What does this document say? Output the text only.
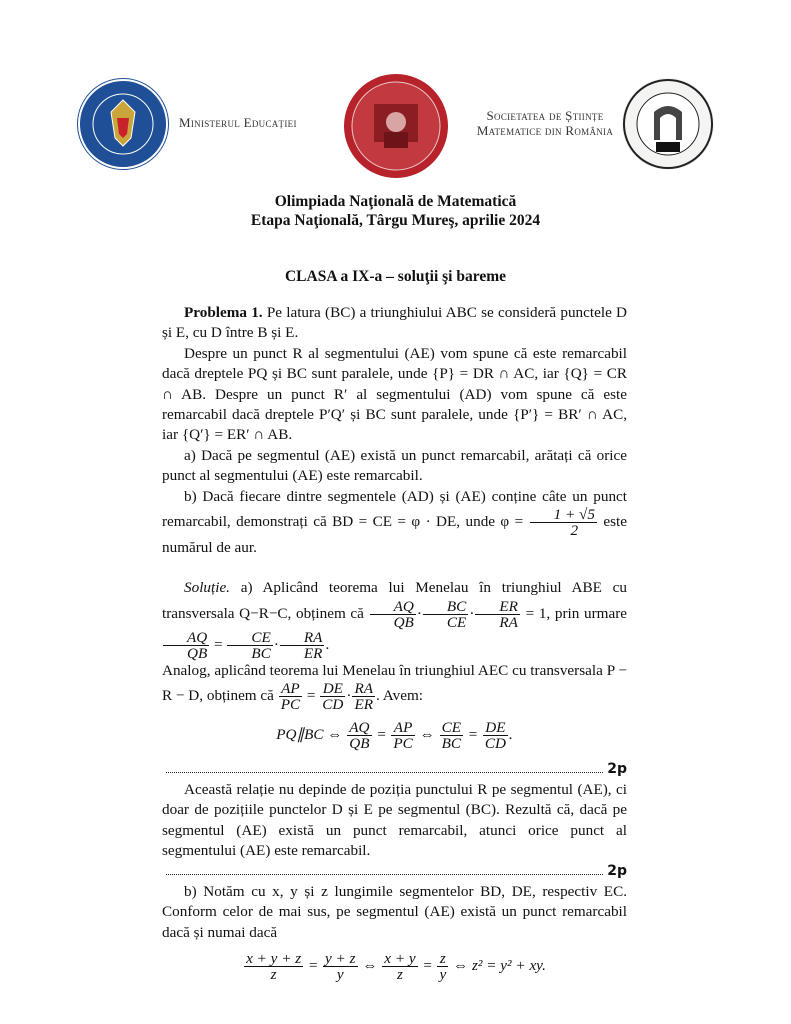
Ministerul Educației	Societatea de Științe
Matematice din România
Olimpiada Naţională de Matematică
Etapa Naţională, Târgu Mureş, aprilie 2024
CLASA a IX-a – soluţii şi bareme

Problema 1. Pe latura (BC) a triunghiului ABC se consideră punctele D și E, cu D între B și E.

Despre un punct R al segmentului (AE) vom spune că este remarcabil dacă dreptele PQ și BC sunt paralele, unde {P} = DR ∩ AC, iar {Q} = CR ∩ AB. Despre un punct R′ al segmentului (AD) vom spune că este remarcabil dacă dreptele P′Q′ și BC sunt paralele, unde {P′} = BR′ ∩ AC, iar {Q′} = ER′ ∩ AB.

a) Dacă pe segmentul (AE) există un punct remarcabil, arătați că orice punct al segmentului (AE) este remarcabil.

b) Dacă fiecare dintre segmentele (AD) și (AE) conține câte un punct remarcabil, demonstrați că BD = CE = φ · DE, unde $\varphi = \frac{1 + √5}{2}$ este numărul de aur.

Soluție. a) Aplicând teorema lui Menelau în triunghiul ABE cu transversala Q−R−C, obținem că $\frac{AQ}{QB} \cdot \frac{BC}{CE} \cdot \frac{ER}{RA} = 1$, prin urmare
$\frac{AQ}{QB} = \frac{CE}{BC} \cdot \frac{RA}{ER}$ .

Analog, aplicând teorema lui Menelau în triunghiul AEC cu transversala P − R − D, obținem că $\frac{AP}{PC} = \frac{DE}{CD} \cdot \frac{RA}{ER}$ . Avem:

PQ∥BC ⇔ $\frac{AQ}{QB} = \frac{AP}{PC}$ ⇔ $\frac{CE}{BC} = \frac{DE}{CD}$ .
2p

Această relație nu depinde de poziția punctului R pe segmentul (AE), ci doar de pozițiile punctelor D și E pe segmentul (BC). Rezultă că, dacă pe segmentul (AE) există un punct remarcabil, atunci orice punct al segmentului (AE) este remarcabil.

2p

b) Notăm cu x, y și z lungimile segmentelor BD, DE, respectiv EC. Conform celor de mai sus, pe segmentul (AE) există un punct remarcabil dacă și numai dacă

$\frac{x + y + z}{z} = \frac{y + z}{y}$ ⇔ $\frac{x + y}{z} = \frac{z}{y}$ ⇔ z² = y² + xy.
